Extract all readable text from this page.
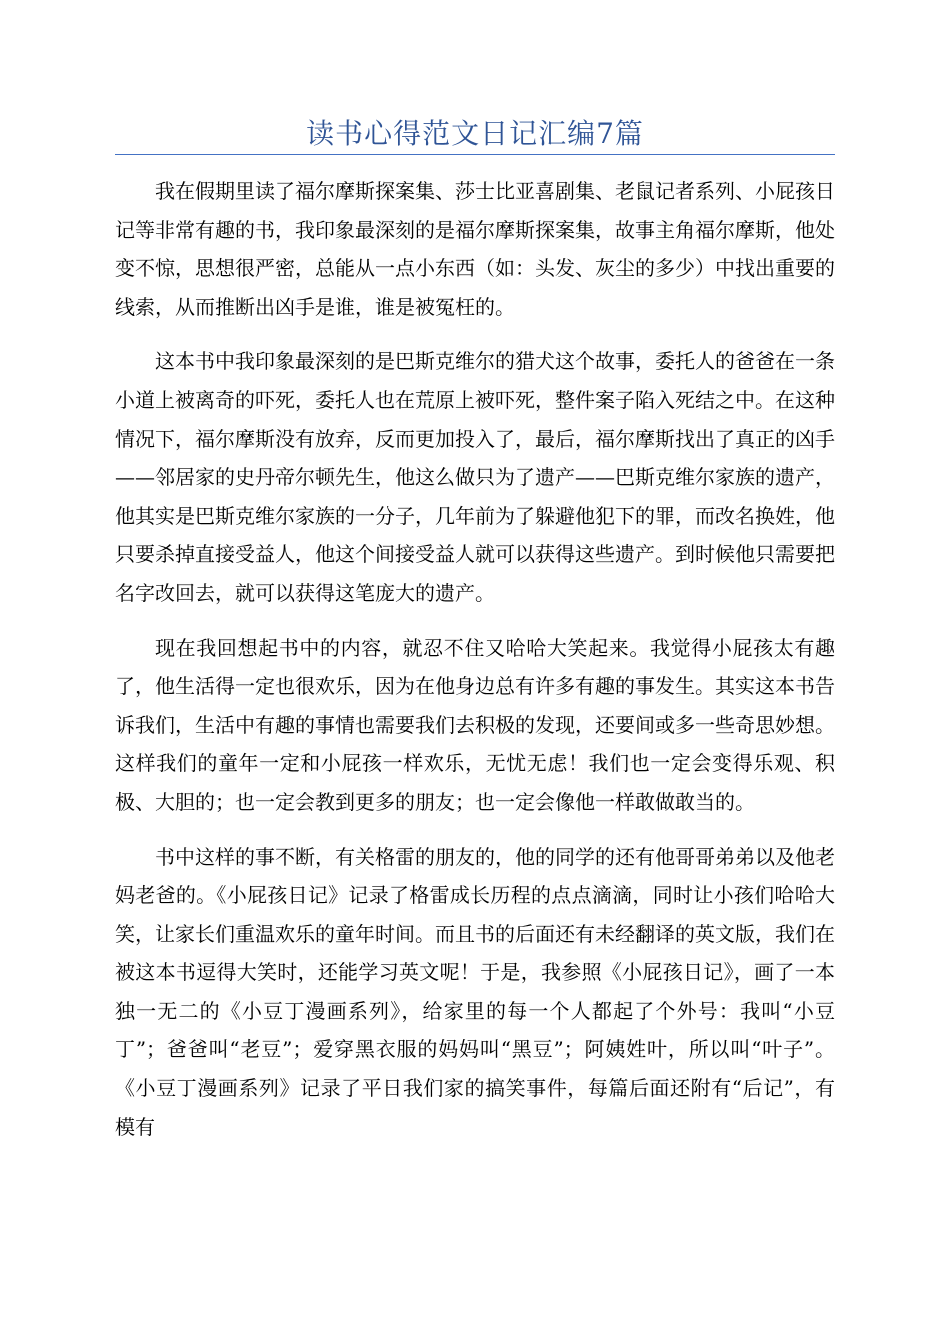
读书心得范文日记汇编7篇

我在假期里读了福尔摩斯探案集、莎士比亚喜剧集、老鼠记者系列、小屁孩日记等非常有趣的书，我印象最深刻的是福尔摩斯探案集，故事主角福尔摩斯，他处变不惊，思想很严密，总能从一点小东西（如：头发、灰尘的多少）中找出重要的线索，从而推断出凶手是谁，谁是被冤枉的。

这本书中我印象最深刻的是巴斯克维尔的猎犬这个故事，委托人的爸爸在一条小道上被离奇的吓死，委托人也在荒原上被吓死，整件案子陷入死结之中。在这种情况下，福尔摩斯没有放弃，反而更加投入了，最后，福尔摩斯找出了真正的凶手——邻居家的史丹帝尔顿先生，他这么做只为了遗产——巴斯克维尔家族的遗产，他其实是巴斯克维尔家族的一分子，几年前为了躲避他犯下的罪，而改名换姓，他只要杀掉直接受益人，他这个间接受益人就可以获得这些遗产。到时候他只需要把名字改回去，就可以获得这笔庞大的遗产。

现在我回想起书中的内容，就忍不住又哈哈大笑起来。我觉得小屁孩太有趣了，他生活得一定也很欢乐，因为在他身边总有许多有趣的事发生。其实这本书告诉我们，生活中有趣的事情也需要我们去积极的发现，还要间或多一些奇思妙想。这样我们的童年一定和小屁孩一样欢乐，无忧无虑！我们也一定会变得乐观、积极、大胆的；也一定会教到更多的朋友；也一定会像他一样敢做敢当的。

书中这样的事不断，有关格雷的朋友的，他的同学的还有他哥哥弟弟以及他老妈老爸的。《小屁孩日记》记录了格雷成长历程的点点滴滴，同时让小孩们哈哈大笑，让家长们重温欢乐的童年时间。而且书的后面还有未经翻译的英文版，我们在被这本书逗得大笑时，还能学习英文呢！于是，我参照《小屁孩日记》，画了一本独一无二的《小豆丁漫画系列》，给家里的每一个人都起了个外号：我叫“小豆丁”；爸爸叫“老豆”；爱穿黑衣服的妈妈叫“黑豆”；阿姨姓叶，所以叫“叶子”。《小豆丁漫画系列》记录了平日我们家的搞笑事件，每篇后面还附有“后记”，有模有
